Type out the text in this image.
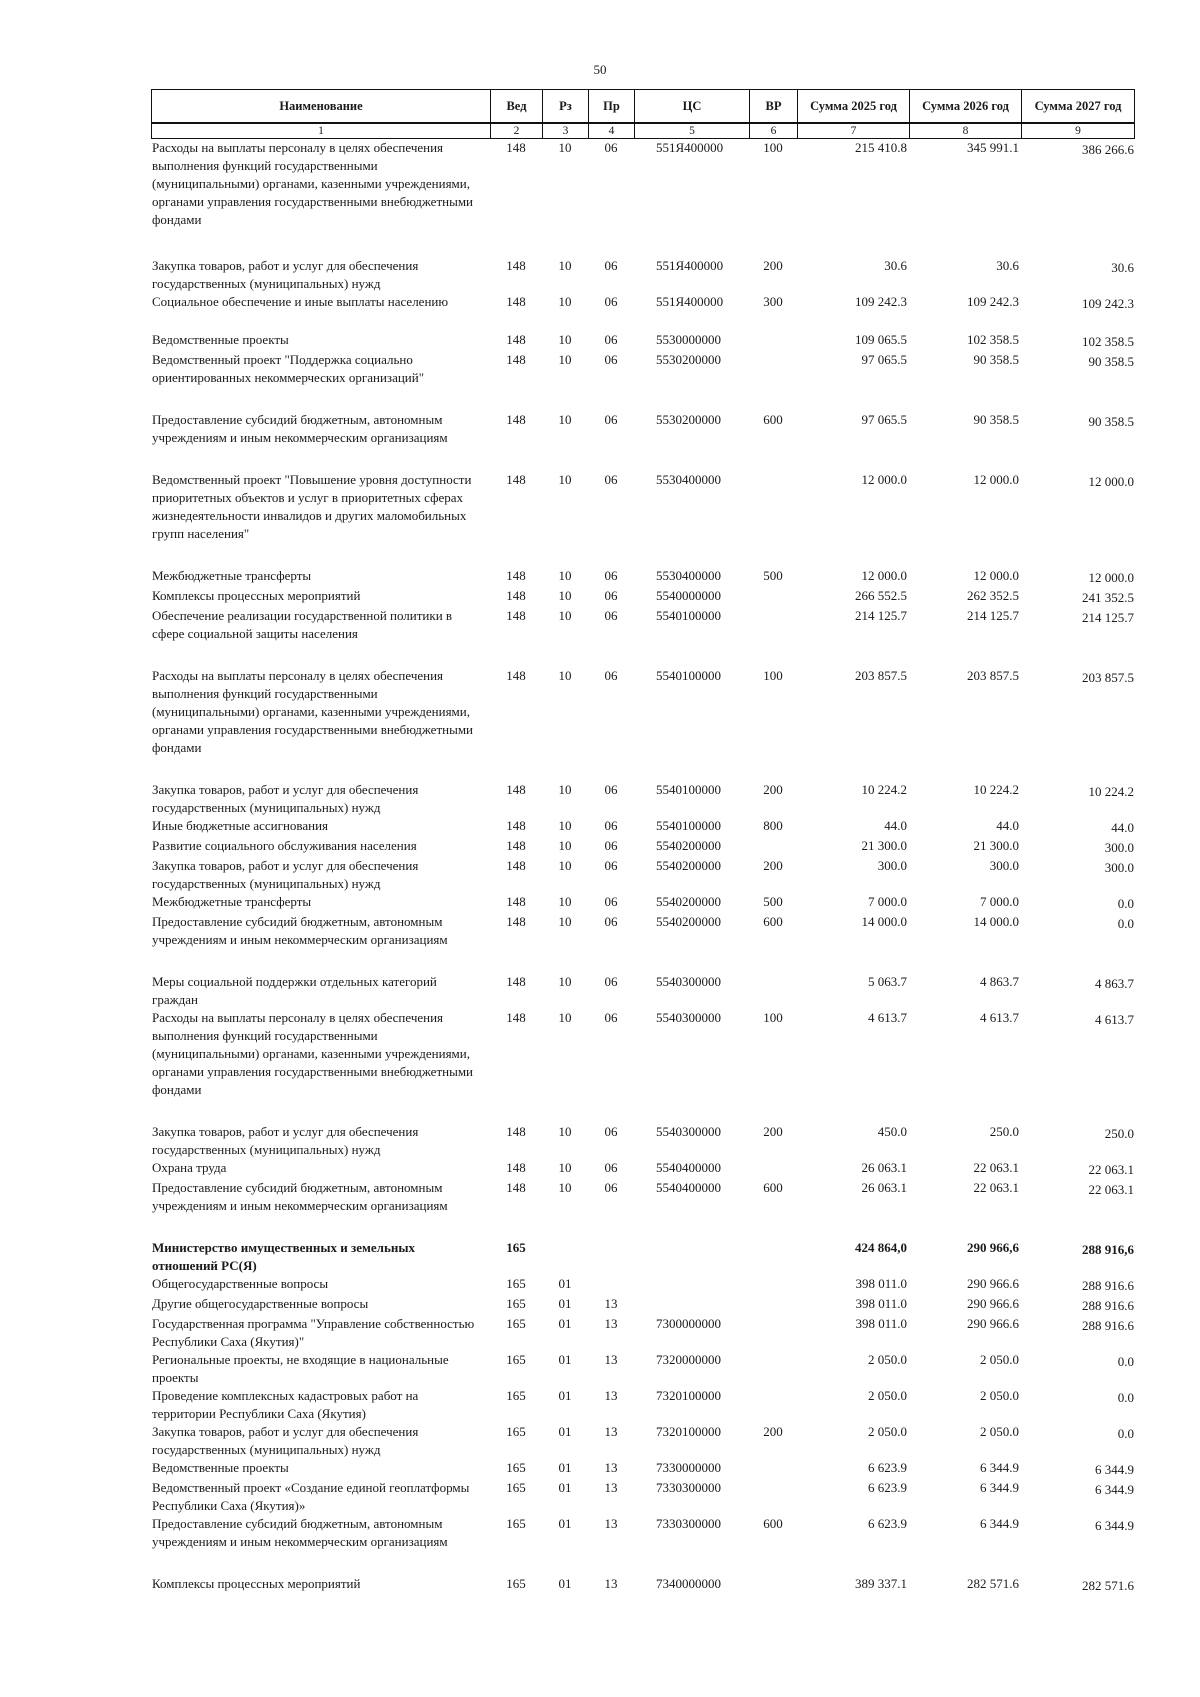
50
Наименование	Вед	Рз	Пр	ЦС	ВР	Сумма 2025 год	Сумма 2026 год	Сумма 2027 год
1	2	3	4	5	6	7	8	9
Расходы на выплаты персоналу в целях обеспечения выполнения функций государственными (муниципальными) органами, казенными учреждениями, органами управления государственными внебюджетными фондами	148	10	06	551Я400000	100	215 410.8	345 991.1	386 266.6
Закупка товаров, работ и услуг для обеспечения государственных (муниципальных) нужд	148	10	06	551Я400000	200	30.6	30.6	30.6
Социальное обеспечение и иные выплаты населению	148	10	06	551Я400000	300	109 242.3	109 242.3	109 242.3
Ведомственные проекты	148	10	06	5530000000		109 065.5	102 358.5	102 358.5
Ведомственный проект "Поддержка социально ориентированных некоммерческих организаций"	148	10	06	5530200000		97 065.5	90 358.5	90 358.5
Предоставление субсидий бюджетным, автономным учреждениям и иным некоммерческим организациям	148	10	06	5530200000	600	97 065.5	90 358.5	90 358.5
Ведомственный проект "Повышение уровня доступности приоритетных объектов и услуг в приоритетных сферах жизнедеятельности инвалидов и других маломобильных групп населения"	148	10	06	5530400000		12 000.0	12 000.0	12 000.0
Межбюджетные трансферты	148	10	06	5530400000	500	12 000.0	12 000.0	12 000.0
Комплексы процессных мероприятий	148	10	06	5540000000		266 552.5	262 352.5	241 352.5
Обеспечение реализации государственной политики в сфере социальной защиты населения	148	10	06	5540100000		214 125.7	214 125.7	214 125.7
Расходы на выплаты персоналу в целях обеспечения выполнения функций государственными (муниципальными) органами, казенными учреждениями, органами управления государственными внебюджетными фондами	148	10	06	5540100000	100	203 857.5	203 857.5	203 857.5
Закупка товаров, работ и услуг для обеспечения государственных (муниципальных) нужд	148	10	06	5540100000	200	10 224.2	10 224.2	10 224.2
Иные бюджетные ассигнования	148	10	06	5540100000	800	44.0	44.0	44.0
Развитие социального обслуживания населения	148	10	06	5540200000		21 300.0	21 300.0	300.0
Закупка товаров, работ и услуг для обеспечения государственных (муниципальных) нужд	148	10	06	5540200000	200	300.0	300.0	300.0
Межбюджетные трансферты	148	10	06	5540200000	500	7 000.0	7 000.0	0.0
Предоставление субсидий бюджетным, автономным учреждениям и иным некоммерческим организациям	148	10	06	5540200000	600	14 000.0	14 000.0	0.0
Меры социальной поддержки отдельных категорий граждан	148	10	06	5540300000		5 063.7	4 863.7	4 863.7
Расходы на выплаты персоналу в целях обеспечения выполнения функций государственными (муниципальными) органами, казенными учреждениями, органами управления государственными внебюджетными фондами	148	10	06	5540300000	100	4 613.7	4 613.7	4 613.7
Закупка товаров, работ и услуг для обеспечения государственных (муниципальных) нужд	148	10	06	5540300000	200	450.0	250.0	250.0
Охрана труда	148	10	06	5540400000		26 063.1	22 063.1	22 063.1
Предоставление субсидий бюджетным, автономным учреждениям и иным некоммерческим организациям	148	10	06	5540400000	600	26 063.1	22 063.1	22 063.1
Министерство имущественных и земельных отношений РС(Я)	165					424 864,0	290 966,6	288 916,6
Общегосударственные вопросы	165	01				398 011.0	290 966.6	288 916.6
Другие общегосударственные вопросы	165	01	13			398 011.0	290 966.6	288 916.6
Государственная программа "Управление собственностью Республики Саха (Якутия)"	165	01	13	7300000000		398 011.0	290 966.6	288 916.6
Региональные проекты, не входящие в национальные проекты	165	01	13	7320000000		2 050.0	2 050.0	0.0
Проведение комплексных кадастровых работ на территории Республики Саха (Якутия)	165	01	13	7320100000		2 050.0	2 050.0	0.0
Закупка товаров, работ и услуг для обеспечения государственных (муниципальных) нужд	165	01	13	7320100000	200	2 050.0	2 050.0	0.0
Ведомственные проекты	165	01	13	7330000000		6 623.9	6 344.9	6 344.9
Ведомственный проект «Создание единой геоплатформы Республики Саха (Якутия)»	165	01	13	7330300000		6 623.9	6 344.9	6 344.9
Предоставление субсидий бюджетным, автономным учреждениям и иным некоммерческим организациям	165	01	13	7330300000	600	6 623.9	6 344.9	6 344.9
Комплексы процессных мероприятий	165	01	13	7340000000		389 337.1	282 571.6	282 571.6
